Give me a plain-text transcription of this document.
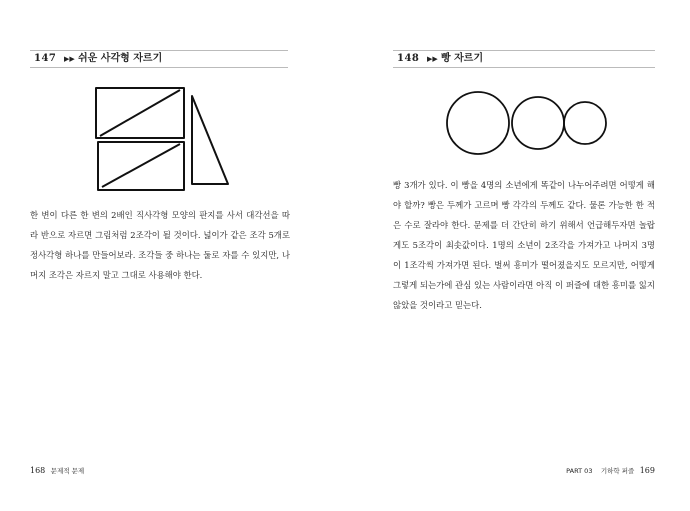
147 ▶▶ 쉬운 사각형 자르기

한 변이 다른 한 변의 2배인 직사각형 모양의 판지를 사서 대각선을 따라 반으로 자르면 그림처럼 2조각이 될 것이다. 넓이가 같은 조각 5개로 정사각형 하나를 만들어보라. 조각들 중 하나는 둘로 자를 수 있지만, 나머지 조각은 자르지 말고 그대로 사용해야 한다.

168 문제적 문제
148 ▶▶ 빵 자르기

빵 3개가 있다. 이 빵을 4명의 소년에게 똑같이 나누어주려면 어떻게 해야 할까? 빵은 두께가 고르며 빵 각각의 두께도 같다. 물론 가능한 한 적은 수로 잘라야 한다. 문제를 더 간단히 하기 위해서 언급해두자면 놀랍게도 5조각이 최솟값이다. 1명의 소년이 2조각을 가져가고 나머지 3명이 1조각씩 가져가면 된다. 벌써 흥미가 떨어졌을지도 모르지만, 어떻게 그렇게 되는가에 관심 있는 사람이라면 아직 이 퍼즐에 대한 흥미를 잃지 않았을 것이라고 믿는다.

PART 03 기하학 퍼즐 169
